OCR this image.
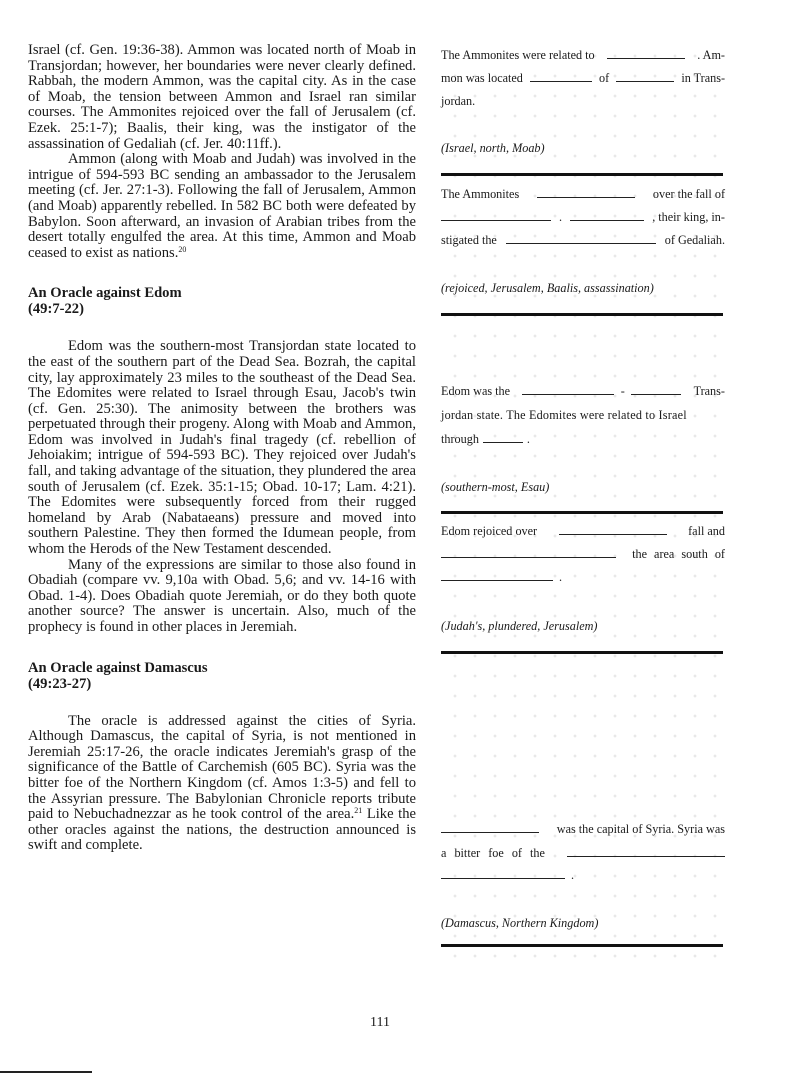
Israel (cf. Gen. 19:36-38). Ammon was located north of Moab in Transjordan; however, her boundaries were never clearly defined. Rabbah, the modern Ammon, was the capital city. As in the case of Moab, the tension between Ammon and Israel ran similar courses. The Ammonites rejoiced over the fall of Jerusalem (cf. Ezek. 25:1-7); Baalis, their king, was the instigator of the assassination of Gedaliah (cf. Jer. 40:11ff.).

Ammon (along with Moab and Judah) was involved in the intrigue of 594-593 BC sending an ambassador to the Jerusalem meeting (cf. Jer. 27:1-3). Following the fall of Jerusalem, Ammon (and Moab) apparently rebelled. In 582 BC both were defeated by Babylon. Soon afterward, an invasion of Arabian tribes from the desert totally engulfed the area. At this time, Ammon and Moab ceased to exist as nations.$^{20}$

An Oracle against Edom

(49:7-22)

Edom was the southern-most Transjordan state located to the east of the southern part of the Dead Sea. Bozrah, the capital city, lay approximately 23 miles to the southeast of the Dead Sea. The Edomites were related to Israel through Esau, Jacob's twin (cf. Gen. 25:30). The animosity between the brothers was perpetuated through their progeny. Along with Moab and Ammon, Edom was involved in Judah's final tragedy (cf. rebellion of Jehoiakim; intrigue of 594-593 BC). They rejoiced over Judah's fall, and taking advantage of the situation, they plundered the area south of Jerusalem (cf. Ezek. 35:1-15; Obad. 10-17; Lam. 4:21). The Edomites were subsequently forced from their rugged homeland by Arab (Nabataeans) pressure and moved into southern Palestine. They then formed the Idumean people, from whom the Herods of the New Testament descended.

Many of the expressions are similar to those also found in Obadiah (compare vv. 9,10a with Obad. 5,6; and vv. 14-16 with Obad. 1-4). Does Obadiah quote Jeremiah, or do they both quote another source? The answer is uncertain. Also, much of the prophecy is found in other places in Jeremiah.

An Oracle against Damascus

(49:23-27)

The oracle is addressed against the cities of Syria. Although Damascus, the capital of Syria, is not mentioned in Jeremiah 25:17-26, the oracle indicates Jeremiah's grasp of the significance of the Battle of Carchemish (605 BC). Syria was the bitter foe of the Northern Kingdom (cf. Amos 1:3-5) and fell to the Assyrian pressure. The Babylonian Chronicle reports tribute paid to Nebuchadnezzar as he took control of the area.$^{21}$ Like the other oracles against the nations, the destruction announced is swift and complete.

The Ammonites were related to	. Am-
mon was located	of	in Trans-
jordan.
(Israel, north, Moab)
The Ammonites	over the fall of
.	, their king, in-
stigated the	of Gedaliah.
(rejoiced, Jerusalem, Baalis, assassination)
Edom was the	-	Trans-
jordan state. The Edomites were related to Israel
through	.
(southern-most, Esau)
Edom rejoiced over	fall and
the area south of
.
(Judah's, plundered, Jerusalem)
was the capital of Syria. Syria was
a bitter foe of the
.
(Damascus, Northern Kingdom)
111
